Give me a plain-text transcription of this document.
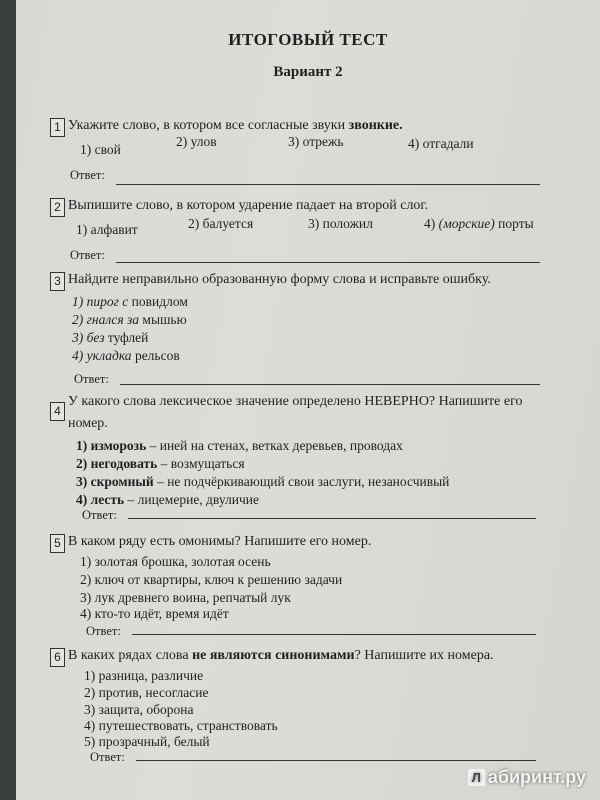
ИТОГОВЫЙ ТЕСТ
Вариант 2
1 Укажите слово, в котором все согласные звуки звонкие.
1) свой
2) улов	3) отрежь	4) отгадали
Ответ:
2 Выпишите слово, в котором ударение падает на второй слог.
1) алфавит	2) балуется	3) положил	4) (морские) порты
Ответ:
3 Найдите неправильно образованную форму слова и исправьте ошибку.
1) пирог с повидлом
2) гнался за мышью
3) без туфлей
4) укладка рельсов
Ответ:
4
У какого слова лексическое значение определено НЕВЕРНО? Напишите его
номер.
1) изморозь – иней на стенах, ветках деревьев, проводах
2) негодовать – возмущаться
3) скромный – не подчёркивающий свои заслуги, незаносчивый
4) лесть – лицемерие, двуличие
Ответ:
5 В каком ряду есть омонимы? Напишите его номер.
1) золотая брошка, золотая осень
2) ключ от квартиры, ключ к решению задачи
3) лук древнего воина, репчатый лук
4) кто-то идёт, время идёт
Ответ:
6 В каких рядах слова не являются синонимами? Напишите их номера.
1) разница, различие
2) против, несогласие
3) защита, оборона
4) путешествовать, странствовать
5) прозрачный, белый
Ответ:
Л абиринт.ру
